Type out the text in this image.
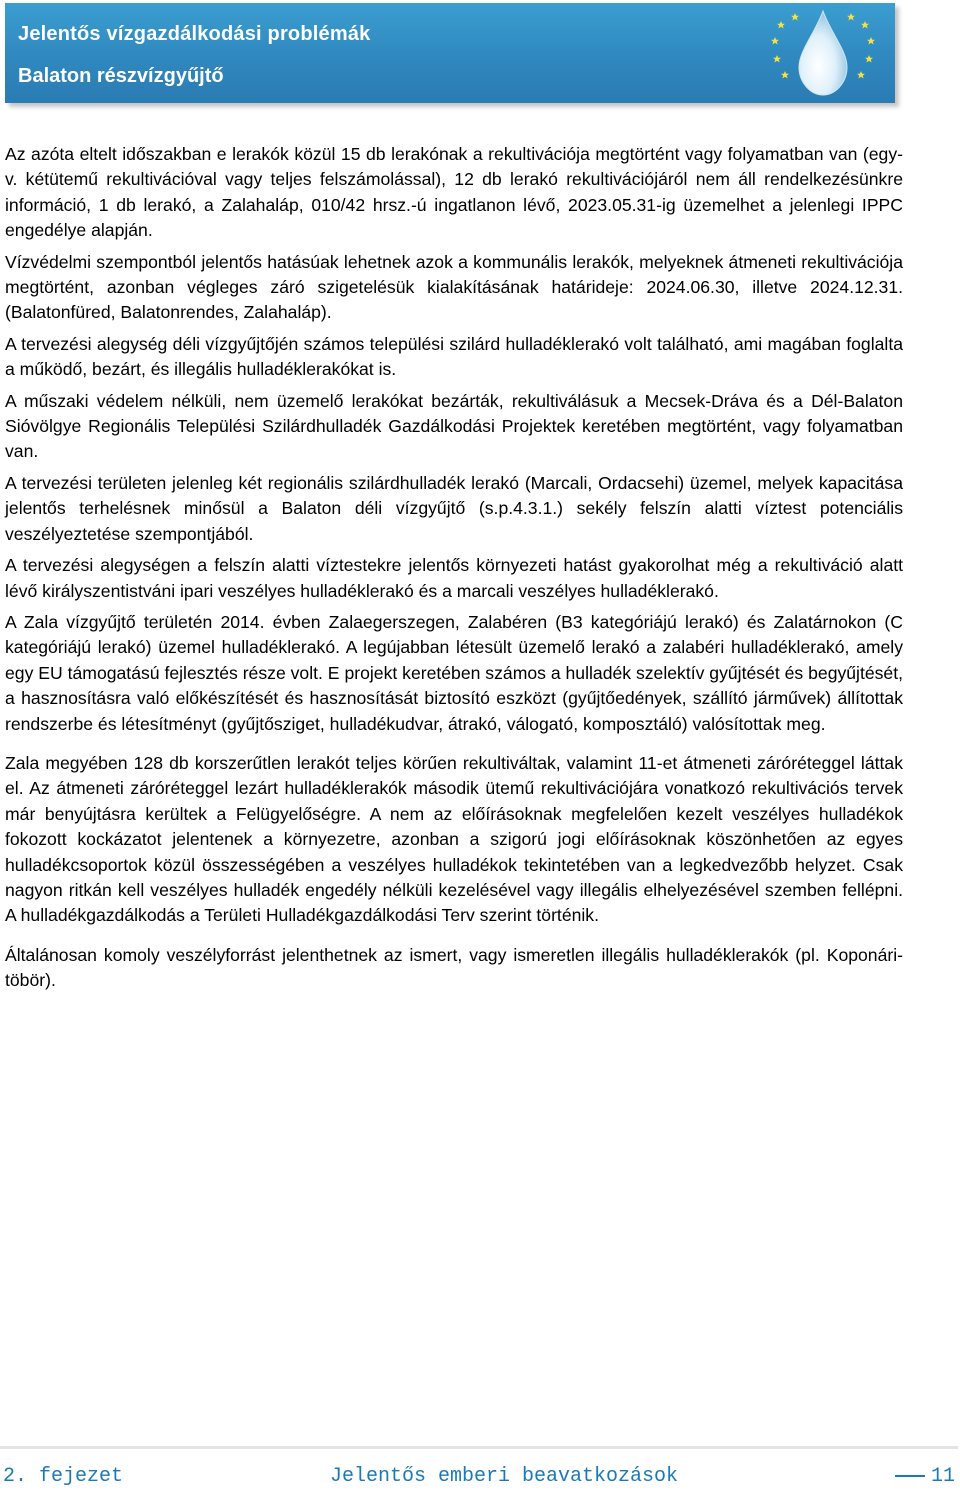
Jelentős vízgazdálkodási problémák
Balaton részvízgyűjtő

Az azóta eltelt időszakban e lerakók közül 15 db lerakónak a rekultivációja megtörtént vagy folyamatban van (egy- v. kétütemű rekultivációval vagy teljes felszámolással), 12 db lerakó rekultivációjáról nem áll rendelkezésünkre információ, 1 db lerakó, a Zalahaláp, 010/42 hrsz.-ú ingatlanon lévő, 2023.05.31-ig üzemelhet a jelenlegi IPPC engedélye alapján.

Vízvédelmi szempontból jelentős hatásúak lehetnek azok a kommunális lerakók, melyeknek átmeneti rekultivációja megtörtént, azonban végleges záró szigetelésük kialakításának határideje: 2024.06.30, illetve 2024.12.31. (Balatonfüred, Balatonrendes, Zalahaláp).

A tervezési alegység déli vízgyűjtőjén számos települési szilárd hulladéklerakó volt található, ami magában foglalta a működő, bezárt, és illegális hulladéklerakókat is.

A műszaki védelem nélküli, nem üzemelő lerakókat bezárták, rekultiválásuk a Mecsek-Dráva és a Dél-Balaton Sióvölgye Regionális Települési Szilárdhulladék Gazdálkodási Projektek keretében megtörtént, vagy folyamatban van.

A tervezési területen jelenleg két regionális szilárdhulladék lerakó (Marcali, Ordacsehi) üzemel, melyek kapacitása jelentős terhelésnek minősül a Balaton déli vízgyűjtő (s.p.4.3.1.) sekély felszín alatti víztest potenciális veszélyeztetése szempontjából.

A tervezési alegységen a felszín alatti víztestekre jelentős környezeti hatást gyakorolhat még a rekultiváció alatt lévő királyszentistváni ipari veszélyes hulladéklerakó és a marcali veszélyes hulladéklerakó.

A Zala vízgyűjtő területén 2014. évben Zalaegerszegen, Zalabéren (B3 kategóriájú lerakó) és Zalatárnokon (C kategóriájú lerakó) üzemel hulladéklerakó. A legújabban létesült üzemelő lerakó a zalabéri hulladéklerakó, amely egy EU támogatású fejlesztés része volt. E projekt keretében számos a hulladék szelektív gyűjtését és begyűjtését, a hasznosításra való előkészítését és hasznosítását biztosító eszközt (gyűjtőedények, szállító járművek) állítottak rendszerbe és létesítményt (gyűjtősziget, hulladékudvar, átrakó, válogató, komposztáló) valósítottak meg.

Zala megyében 128 db korszerűtlen lerakót teljes körűen rekultiváltak, valamint 11-et átmeneti záróréteggel láttak el. Az átmeneti záróréteggel lezárt hulladéklerakók második ütemű rekultivációjára vonatkozó rekultivációs tervek már benyújtásra kerültek a Felügyelőségre. A nem az előírásoknak megfelelően kezelt veszélyes hulladékok fokozott kockázatot jelentenek a környezetre, azonban a szigorú jogi előírásoknak köszönhetően az egyes hulladékcsoportok közül összességében a veszélyes hulladékok tekintetében van a legkedvezőbb helyzet. Csak nagyon ritkán kell veszélyes hulladék engedély nélküli kezelésével vagy illegális elhelyezésével szemben fellépni. A hulladékgazdálkodás a Területi Hulladékgazdálkodási Terv szerint történik.

Általánosan komoly veszélyforrást jelenthetnek az ismert, vagy ismeretlen illegális hulladéklerakók (pl. Koponári-töbör).

2. fejezet	Jelentős emberi beavatkozások	11
